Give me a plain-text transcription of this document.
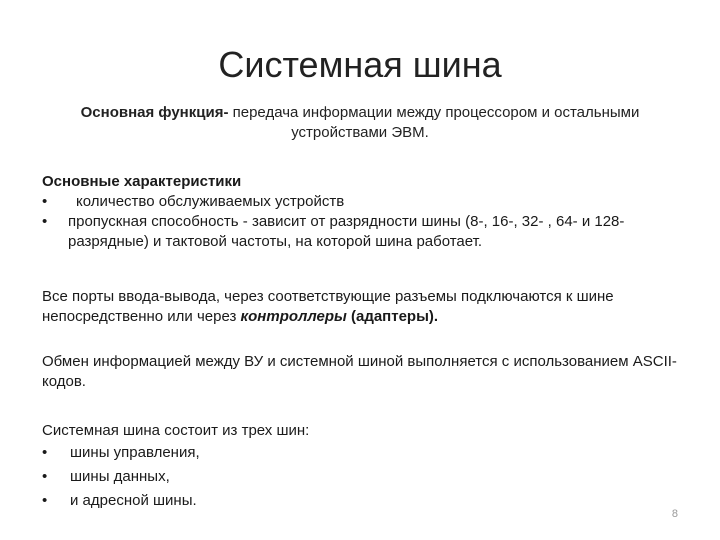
Системная шина
Основная функция- передача информации между процессором и остальными устройствами ЭВМ.
Основные характеристики
• количество обслуживаемых устройств
• пропускная способность - зависит от разрядности шины (8-, 16-, 32- , 64- и 128-разрядные) и тактовой частоты, на которой шина работает.
Все порты ввода-вывода, через соответствующие разъемы подключаются к шине непосредственно или через контроллеры (адаптеры).
Обмен информацией между ВУ и системной шиной выполняется с использованием ASCII-кодов.
Системная шина состоит из трех шин:
• шины управления,
• шины данных,
• и адресной шины.
8
